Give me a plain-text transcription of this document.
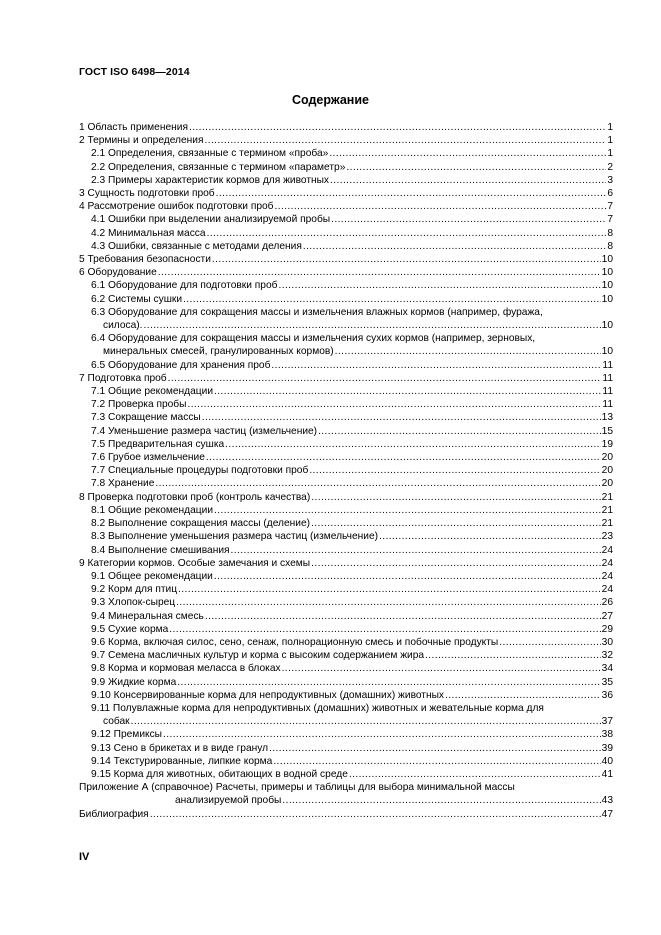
ГОСТ ISO 6498—2014
Содержание
1 Область применения .....	1
2 Термины и определения .....	1
2.1 Определения, связанные с термином «проба» .....	1
2.2 Определения, связанные с термином «параметр» .....	2
2.3 Примеры характеристик кормов для животных .....	3
3 Сущность подготовки проб .....	6
4 Рассмотрение ошибок подготовки проб .....	7
4.1 Ошибки при выделении анализируемой пробы .....	7
4.2 Минимальная масса .....	8
4.3 Ошибки, связанные с методами деления .....	8
5 Требования безопасности .....	10
6 Оборудование .....	10
6.1 Оборудование для подготовки проб .....	10
6.2 Системы сушки .....	10
6.3 Оборудование для сокращения массы и измельчения влажных кормов (например, фуража,
силоса). .....	10
6.4 Оборудование для сокращения массы и измельчения сухих кормов (например, зерновых,
минеральных смесей, гранулированных кормов) .....	10
6.5 Оборудование для хранения проб .....	11
7 Подготовка проб .....	11
7.1 Общие рекомендации .....	11
7.2 Проверка пробы .....	11
7.3 Сокращение массы .....	13
7.4 Уменьшение размера частиц (измельчение) .....	15
7.5 Предварительная сушка .....	19
7.6 Грубое измельчение .....	20
7.7 Специальные процедуры подготовки проб .....	20
7.8 Хранение .....	20
8 Проверка подготовки проб (контроль качества) .....	21
8.1 Общие рекомендации .....	21
8.2 Выполнение сокращения массы (деление) .....	21
8.3 Выполнение уменьшения размера частиц (измельчение) .....	23
8.4 Выполнение смешивания .....	24
9 Категории кормов. Особые замечания и схемы .....	24
9.1 Общее рекомендации .....	24
9.2 Корм для птиц .....	24
9.3 Хлопок-сырец .....	26
9.4 Минеральная смесь .....	27
9.5 Сухие корма .....	29
9.6 Корма, включая силос, сено, сенаж, полнорационную смесь и побочные продукты .....	30
9.7 Семена масличных культур и корма с высоким содержанием жира .....	32
9.8 Корма и кормовая меласса в блоках .....	34
9.9 Жидкие корма .....	35
9.10 Консервированные корма для непродуктивных (домашних) животных .....	36
9.11 Полувлажные корма для непродуктивных (домашних) животных и жевательные корма для
собак .....	37
9.12 Премиксы .....	38
9.13 Сено в брикетах и в виде гранул .....	39
9.14 Текстурированные, липкие корма .....	40
9.15 Корма для животных, обитающих в водной среде .....	41
Приложение А (справочное) Расчеты, примеры и таблицы для выбора минимальной массы
анализируемой пробы .....	43
Библиография .....	47
IV
